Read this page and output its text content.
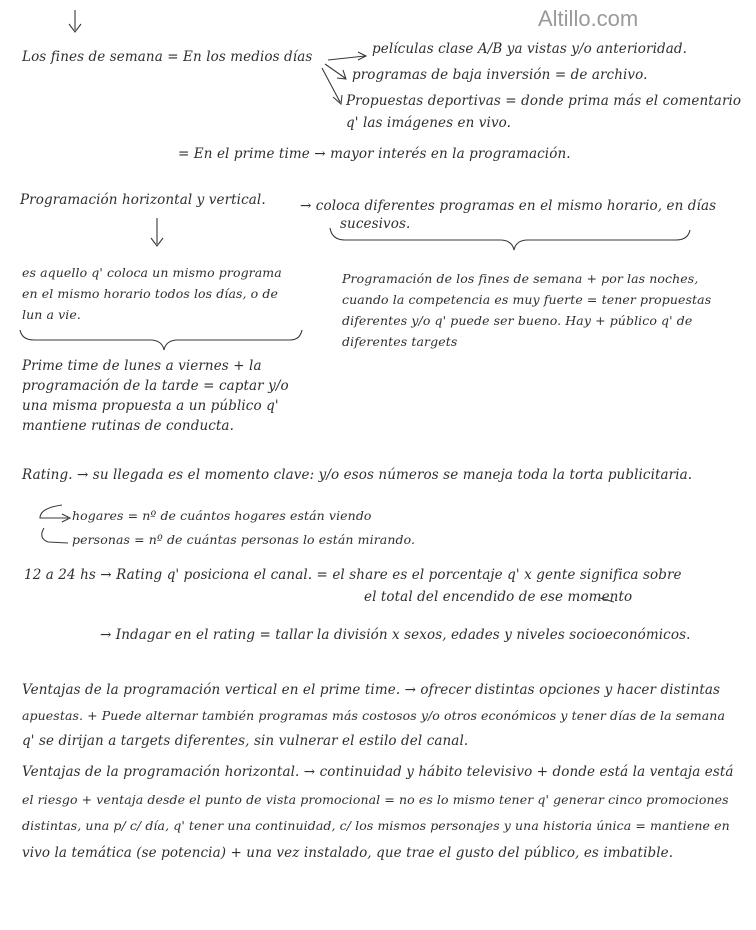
Altillo.com
Los fines de semana = En los medios días	películas clase A/B ya vistas y/o anterioridad.
programas de baja inversión = de archivo.
Propuestas deportivas = donde prima más el comentario
q' las imágenes en vivo.
= En el prime time → mayor interés en la programación.
Programación horizontal y vertical.	→ coloca diferentes programas en el mismo horario, en días
sucesivos.
es aquello q' coloca un mismo programa en el mismo horario todos los días, o de lun a vie.
Programación de los fines de semana + por las noches, cuando la competencia es muy fuerte = tener propuestas diferentes y/o q' puede ser bueno. Hay + público q' de diferentes targets
Prime time de lunes a viernes + la programación de la tarde = captar y/o una misma propuesta a un público q' mantiene rutinas de conducta.
Rating. → su llegada es el momento clave: y/o esos números se maneja toda la torta publicitaria.
hogares = nº de cuántos hogares están viendo
personas = nº de cuántas personas lo están mirando.
12 a 24 hs → Rating q' posiciona el canal. = el share es el porcentaje q' x gente significa sobre
el total del encendido de ese momento
→ Indagar en el rating = tallar la división x sexos, edades y niveles socioeconómicos.
Ventajas de la programación vertical en el prime time. → ofrecer distintas opciones y hacer distintas
apuestas. + Puede alternar también programas más costosos y/o otros económicos y tener días de la semana
q' se dirijan a targets diferentes, sin vulnerar el estilo del canal.
Ventajas de la programación horizontal. → continuidad y hábito televisivo + donde está la ventaja está
el riesgo + ventaja desde el punto de vista promocional = no es lo mismo tener q' generar cinco promociones
distintas, una p/ c/ día, q' tener una continuidad, c/ los mismos personajes y una historia única = mantiene en
vivo la temática (se potencia) + una vez instalado, que trae el gusto del público, es imbatible.
